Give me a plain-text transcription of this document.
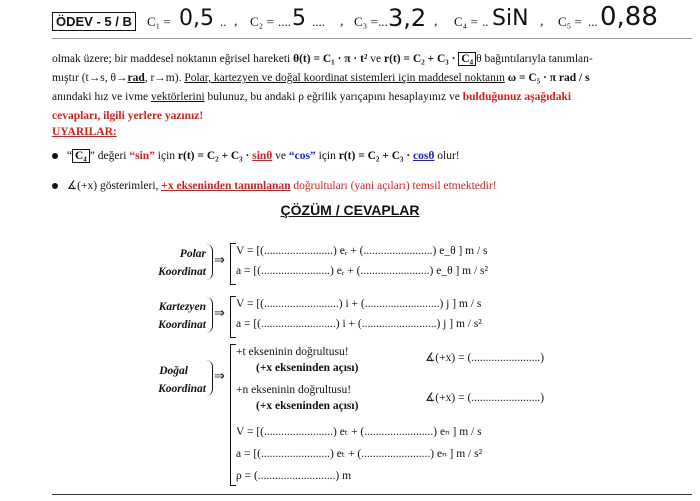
ÖDEV - 5 / B	C₁ = 0,5 .. , C₂ = .... 5 .... , C₃ = ... 3,2 , C₄ = .. SiN , C₅ = ... 0,88
olmak üzere; bir maddesel noktanın eğrisel hareketi θ(t) = C₁ · π · t² ve r(t) = C₂ + C₃ · C₄ θ bağıntılarıyla tanımlan-
mıştır (t→s, θ→rad, r→m). Polar, kartezyen ve doğal koordinat sistemleri için maddesel noktanın ω = C₅ · π rad / s
anındaki hız ve ivme vektörlerini bulunuz, bu andaki ρ eğrilik yarıçapını hesaplayınız ve bulduğunuz aşağıdaki
cevapları, ilgili yerlere yazınız!
UYARILAR:
“ C₄ ” değeri “sin” için r(t) = C₂ + C₃ · sinθ ve “cos” için r(t) = C₂ + C₃ · cosθ olur!
∡(+x) gösterimleri, +x ekseninden tanımlanan doğrultuları (yani açıları) temsil etmektedir!
ÇÖZÜM / CEVAPLAR
Polar
Koordinat
⇒
V = [(........................) eᵣ + (........................) e_θ ] m / s
a = [(........................) eᵣ + (........................) e_θ ] m / s²
Kartezyen
Koordinat
⇒
V = [(..........................) i + (..........................) j ] m / s
a = [(..........................) i + (..........................) j ] m / s²
Doğal
Koordinat
⇒
+t ekseninin doğrultusu!
(+x ekseninden açısı)
∡(+x) = (........................)
+n ekseninin doğrultusu!
(+x ekseninden açısı)
∡(+x) = (........................)
V = [(........................) eₜ + (........................) eₙ ] m / s
a = [(........................) eₜ + (........................) eₙ ] m / s²
ρ = (...........................) m
